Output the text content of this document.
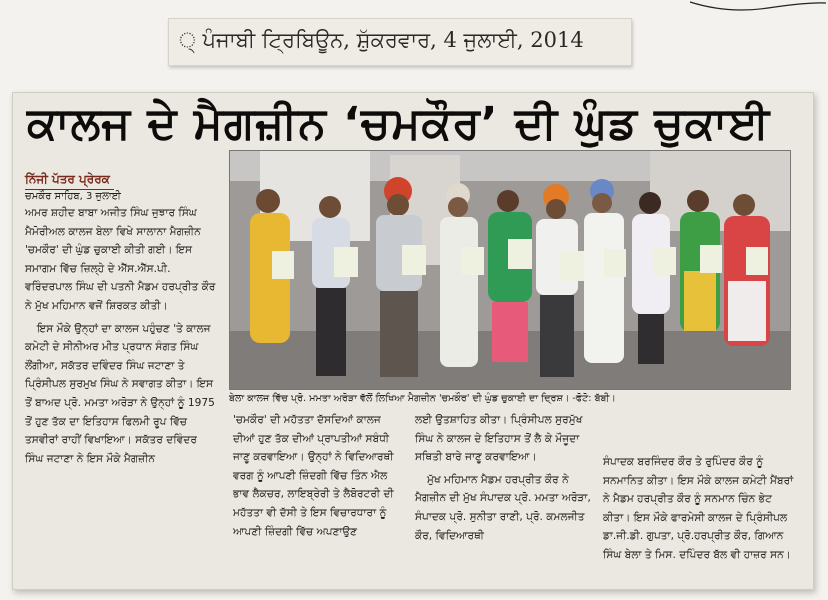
੍‌ ਪੰਜਾਬੀ ਟ੍ਰਿਬਿਊਨ, ਸ਼ੁੱਕਰਵਾਰ, 4 ਜੁਲਾਈ, 2014
ਕਾਲਜ ਦੇ ਮੈਗਜ਼ੀਨ ‘ਚਮਕੌਰ’ ਦੀ ਘੁੰਡ ਚੁਕਾਈ
ਨਿੱਜੀ ਪੱਤਰ ਪ੍ਰੇਰਕ

ਚਮਕੌਰ ਸਾਹਿਬ, 3 ਜੁਲਾਈ

ਅਮਰ ਸ਼ਹੀਦ ਬਾਬਾ ਅਜੀਤ ਸਿੰਘ ਜੁਝਾਰ ਸਿੰਘ ਮੈਮੋਰੀਅਲ ਕਾਲਜ ਬੇਲਾ ਵਿਖੇ ਸਾਲਾਨਾ ਮੈਗਜ਼ੀਨ 'ਚਮਕੌਰ' ਦੀ ਘੁੰਡ ਚੁਕਾਈ ਕੀਤੀ ਗਈ। ਇਸ ਸਮਾਗਮ ਵਿੱਚ ਜ਼ਿਲ੍ਹੇ ਦੇ ਐੱਸ.ਐੱਸ.ਪੀ. ਵਰਿੰਦਰਪਾਲ ਸਿੰਘ ਦੀ ਪਤਨੀ ਮੈਡਮ ਹਰਪ੍ਰੀਤ ਕੌਰ ਨੇ ਮੁੱਖ ਮਹਿਮਾਨ ਵਜੋਂ ਸ਼ਿਰਕਤ ਕੀਤੀ।

ਇਸ ਮੌਕੇ ਉਨ੍ਹਾਂ ਦਾ ਕਾਲਜ ਪਹੁੰਚਣ 'ਤੇ ਕਾਲਜ ਕਮੇਟੀ ਦੇ ਸੀਨੀਅਰ ਮੀਤ ਪ੍ਰਧਾਨ ਸੰਗਤ ਸਿੰਘ ਲੌਂਗੀਆ, ਸਕੱਤਰ ਦਵਿੰਦਰ ਸਿੰਘ ਜਟਾਣਾ ਤੇ ਪ੍ਰਿੰਸੀਪਲ ਸੁਰਮੁਖ ਸਿੰਘ ਨੇ ਸਵਾਗਤ ਕੀਤਾ। ਇਸ ਤੋਂ ਬਾਅਦ ਪ੍ਰੋ. ਮਮਤਾ ਅਰੋੜਾ ਨੇ ਉਨ੍ਹਾਂ ਨੂੰ 1975 ਤੋਂ ਹੁਣ ਤੱਕ ਦਾ ਇਤਿਹਾਸ ਫਿਲਮੀ ਰੂਪ ਵਿੱਚ ਤਸਵੀਰਾਂ ਰਾਹੀਂ ਵਿਖਾਇਆ। ਸਕੱਤਰ ਦਵਿੰਦਰ ਸਿੰਘ ਜਟਾਣਾ ਨੇ ਇਸ ਮੌਕੇ ਮੈਗਜ਼ੀਨ

ਬੇਲਾ ਕਾਲਜ ਵਿੱਚ ਪ੍ਰੋ. ਮਮਤਾ ਅਰੋੜਾ ਵੱਲੋਂ ਲਿਖਿਆ ਮੈਗਜ਼ੀਨ 'ਚਮਕੌਰ' ਦੀ ਘੁੰਡ ਚੁਕਾਈ ਦਾ ਦ੍ਰਿਸ਼। -ਫੋਟੋ: ਬੱਬੀ।

'ਚਮਕੌਰ' ਦੀ ਮਹੱਤਤਾ ਦੱਸਦਿਆਂ ਕਾਲਜ ਦੀਆਂ ਹੁਣ ਤੱਕ ਦੀਆਂ ਪ੍ਰਾਪਤੀਆਂ ਸਬੰਧੀ ਜਾਣੂ ਕਰਵਾਇਆ। ਉਨ੍ਹਾਂ ਨੇ ਵਿਦਿਆਰਥੀ ਵਰਗ ਨੂੰ ਆਪਣੀ ਜ਼ਿੰਦਗੀ ਵਿੱਚ ਤਿੰਨ ਐਲ ਭਾਵ ਲੈਕਚਰ, ਲਾਇਬ੍ਰੇਰੀ ਤੇ ਲੈਬੋਰਟਰੀ ਦੀ ਮਹੱਤਤਾ ਵੀ ਦੱਸੀ ਤੇ ਇਸ ਵਿਚਾਰਧਾਰਾ ਨੂੰ ਆਪਣੀ ਜ਼ਿੰਦਗੀ ਵਿੱਚ ਅਪਣਾਉਣ

ਲਈ ਉਤਸ਼ਾਹਿਤ ਕੀਤਾ। ਪ੍ਰਿੰਸੀਪਲ ਸੁਰਮੁੱਖ ਸਿੰਘ ਨੇ ਕਾਲਜ ਦੇ ਇਤਿਹਾਸ ਤੋਂ ਲੈ ਕੇ ਮੌਜੂਦਾ ਸਥਿਤੀ ਬਾਰੇ ਜਾਣੂ ਕਰਵਾਇਆ।

ਮੁੱਖ ਮਹਿਮਾਨ ਮੈਡਮ ਹਰਪ੍ਰੀਤ ਕੌਰ ਨੇ ਮੈਗਜ਼ੀਨ ਦੀ ਮੁੱਖ ਸੰਪਾਦਕ ਪ੍ਰੋ. ਮਮਤਾ ਅਰੋੜਾ, ਸੰਪਾਦਕ ਪ੍ਰੋ. ਸੁਨੀਤਾ ਰਾਣੀ, ਪ੍ਰੋ. ਕਮਲਜੀਤ ਕੌਰ, ਵਿਦਿਆਰਥੀ

ਸੰਪਾਦਕ ਬਰਜਿੰਦਰ ਕੌਰ ਤੇ ਰੁਪਿੰਦਰ ਕੌਰ ਨੂੰ ਸਨਮਾਨਿਤ ਕੀਤਾ। ਇਸ ਮੌਕੇ ਕਾਲਜ ਕਮੇਟੀ ਮੈਂਬਰਾਂ ਨੇ ਮੈਡਮ ਹਰਪ੍ਰੀਤ ਕੌਰ ਨੂੰ ਸਨਮਾਨ ਚਿੰਨ ਭੇਟ ਕੀਤਾ। ਇਸ ਮੌਕੇ ਫਾਰਮੇਸੀ ਕਾਲਜ ਦੇ ਪ੍ਰਿੰਸੀਪਲ ਡਾ.ਜੀ.ਡੀ. ਗੁਪਤਾ, ਪ੍ਰੋ.ਹਰਪ੍ਰੀਤ ਕੌਰ, ਗਿਆਨ ਸਿੰਘ ਬੇਲਾ ਤੇ ਮਿਸ. ਦਪਿੰਦਰ ਬੱਲ ਵੀ ਹਾਜ਼ਰ ਸਨ।
